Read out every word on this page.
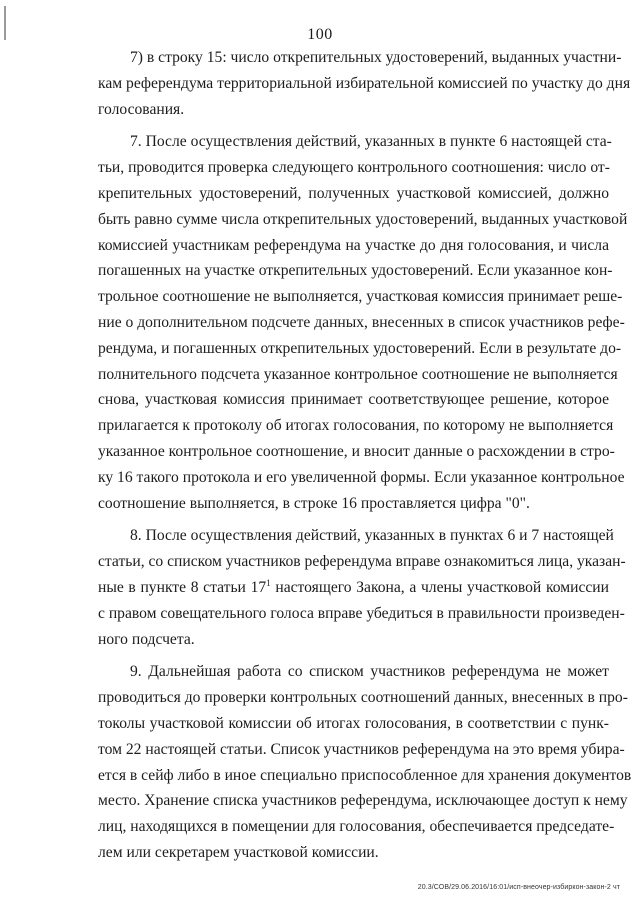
100

7) в строку 15: число открепительных удостоверений, выданных участни-
кам референдума территориальной избирательной комиссией по участку до дня
голосования.

7. После осуществления действий, указанных в пункте 6 настоящей ста-
тьи, проводится проверка следующего контрольного соотношения: число от-
крепительных удостоверений, полученных участковой комиссией, должно
быть равно сумме числа открепительных удостоверений, выданных участковой
комиссией участникам референдума на участке до дня голосования, и числа
погашенных на участке открепительных удостоверений. Если указанное кон-
трольное соотношение не выполняется, участковая комиссия принимает реше-
ние о дополнительном подсчете данных, внесенных в список участников рефе-
рендума, и погашенных открепительных удостоверений. Если в результате до-
полнительного подсчета указанное контрольное соотношение не выполняется
снова, участковая комиссия принимает соответствующее решение, которое
прилагается к протоколу об итогах голосования, по которому не выполняется
указанное контрольное соотношение, и вносит данные о расхождении в стро-
ку 16 такого протокола и его увеличенной формы. Если указанное контрольное
соотношение выполняется, в строке 16 проставляется цифра "0".

8. После осуществления действий, указанных в пунктах 6 и 7 настоящей
статьи, со списком участников референдума вправе ознакомиться лица, указан-
ные в пункте 8 статьи $17^1$ настоящего Закона, а члены участковой комиссии
с правом совещательного голоса вправе убедиться в правильности произведен-
ного подсчета.

9. Дальнейшая работа со списком участников референдума не может
проводиться до проверки контрольных соотношений данных, внесенных в про-
токолы участковой комиссии об итогах голосования, в соответствии с пунк-
том 22 настоящей статьи. Список участников референдума на это время убира-
ется в сейф либо в иное специально приспособленное для хранения документов
место. Хранение списка участников референдума, исключающее доступ к нему
лиц, находящихся в помещении для голосования, обеспечивается председате-
лем или секретарем участковой комиссии.

20.3/СОВ/29.06.2016/16:01/исп-внеочер-избиркон-закон-2 чт
